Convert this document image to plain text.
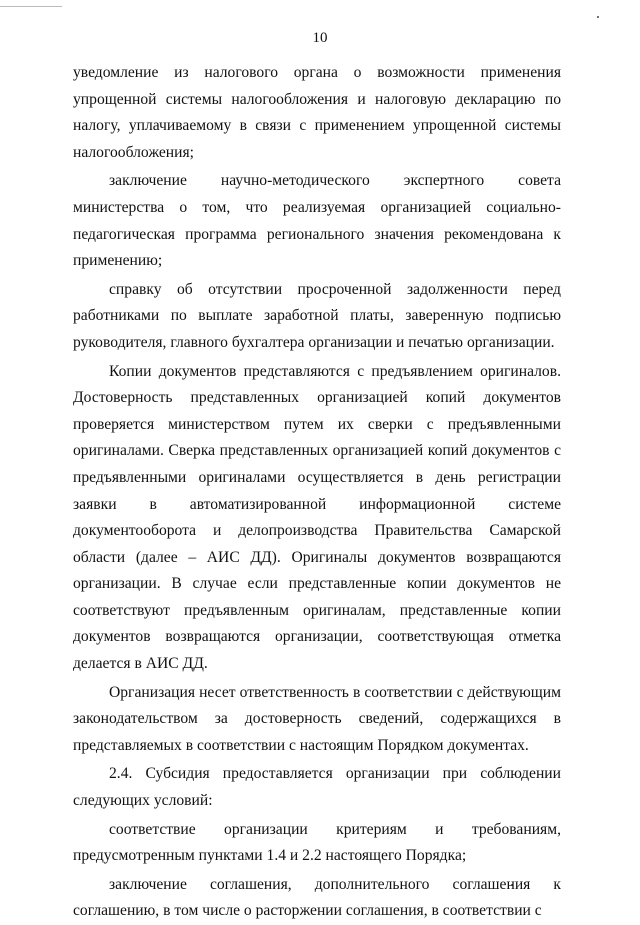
10

уведомление из налогового органа о возможности применения упрощенной системы налогообложения и налоговую декларацию по налогу, уплачиваемому в связи с применением упрощенной системы налогообложения;

заключение научно-методического экспертного совета министерства о том, что реализуемая организацией социально-педагогическая программа регионального значения рекомендована к применению;

справку об отсутствии просроченной задолженности перед работниками по выплате заработной платы, заверенную подписью руководителя, главного бухгалтера организации и печатью организации.

Копии документов представляются с предъявлением оригиналов. Достоверность представленных организацией копий документов проверяется министерством путем их сверки с предъявленными оригиналами. Сверка представленных организацией копий документов с предъявленными оригиналами осуществляется в день регистрации заявки в автоматизированной информационной системе документооборота и делопроизводства Правительства Самарской области (далее – АИС ДД). Оригиналы документов возвращаются организации. В случае если представленные копии документов не соответствуют предъявленным оригиналам, представленные копии документов возвращаются организации, соответствующая отметка делается в АИС ДД.

Организация несет ответственность в соответствии с действующим законодательством за достоверность сведений, содержащихся в представляемых в соответствии с настоящим Порядком документах.

2.4. Субсидия предоставляется организации при соблюдении следующих условий:

соответствие организации критериям и требованиям, предусмотренным пунктами 1.4 и 2.2 настоящего Порядка;

заключение соглашения, дополнительного соглашения к соглашению, в том числе о расторжении соглашения, в соответствии с
